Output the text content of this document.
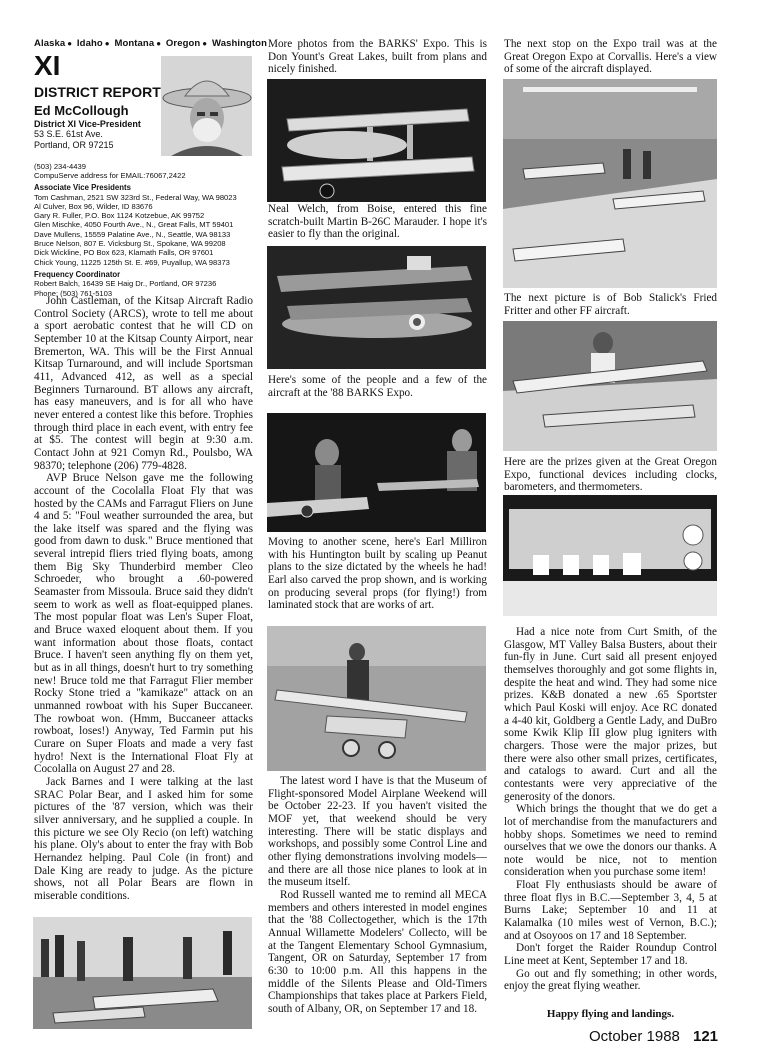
Alaska ● Idaho ● Montana ● Oregon ● Washington
XI
DISTRICT REPORT
Ed McCollough
District XI Vice-President
53 S.E. 61st Ave.
Portland, OR 97215
(503) 234-4439
CompuServe address for EMAIL:76067,2422
Associate Vice Presidents
Tom Cashman, 2521 SW 323rd St., Federal Way, WA 98023
Al Culver, Box 96, Wilder, ID 83676
Gary R. Fuller, P.O. Box 1124 Kotzebue, AK 99752
Glen Mischke, 4050 Fourth Ave., N., Great Falls, MT 59401
Dave Mullens, 15559 Palatine Ave., N., Seattle, WA 98133
Bruce Nelson, 807 E. Vicksburg St., Spokane, WA 99208
Dick Wickline, PO Box 623, Klamath Falls, OR 97601
Chick Young, 11225 125th St. E. #69, Puyallup, WA 98373
Frequency Coordinator
Robert Balch, 16439 SE Haig Dr., Portland, OR 97236
Phone: (503) 761-5103

John Castleman, of the Kitsap Aircraft Radio Control Society (ARCS), wrote to tell me about a sport aerobatic contest that he will CD on September 10 at the Kitsap County Airport, near Bremerton, WA. This will be the First Annual Kitsap Turnaround, and will include Sportsman 411, Advanced 412, as well as a special Beginners Turnaround. BT allows any aircraft, has easy maneuvers, and is for all who have never entered a contest like this before. Trophies through third place in each event, with entry fee at $5. The contest will begin at 9:30 a.m. Contact John at 921 Comyn Rd., Poulsbo, WA 98370; telephone (206) 779-4828.

AVP Bruce Nelson gave me the following account of the Cocolalla Float Fly that was hosted by the CAMs and Farragut Fliers on June 4 and 5: "Foul weather surrounded the area, but the lake itself was spared and the flying was good from dawn to dusk." Bruce mentioned that several intrepid fliers tried flying boats, among them Big Sky Thunderbird member Cleo Schroeder, who brought a .60-powered Seamaster from Missoula. Bruce said they didn't seem to work as well as float-equipped planes. The most popular float was Len's Super Float, and Bruce waxed eloquent about them. If you want information about those floats, contact Bruce. I haven't seen anything fly on them yet, but as in all things, doesn't hurt to try something new! Bruce told me that Farragut Flier member Rocky Stone tried a "kamikaze" attack on an unmanned rowboat with his Super Buccaneer. The rowboat won. (Hmm, Buccaneer attacks rowboat, loses!) Anyway, Ted Farmin put his Curare on Super Floats and made a very fast hydro! Next is the International Float Fly at Cocolalla on August 27 and 28.

Jack Barnes and I were talking at the last SRAC Polar Bear, and I asked him for some pictures of the '87 version, which was their silver anniversary, and he supplied a couple. In this picture we see Oly Recio (on left) watching his plane. Oly's about to enter the fray with Bob Hernandez helping. Paul Cole (in front) and Dale King are ready to judge. As the picture shows, not all Polar Bears are flown in miserable conditions.

More photos from the BARKS' Expo. This is Don Yount's Great Lakes, built from plans and nicely finished.
Neal Welch, from Boise, entered this fine scratch-built Martin B-26C Marauder. I hope it's easier to fly than the original.
Here's some of the people and a few of the aircraft at the '88 BARKS Expo.
Moving to another scene, here's Earl Milliron with his Huntington built by scaling up Peanut plans to the size dictated by the wheels he had! Earl also carved the prop shown, and is working on producing several props (for flying!) from laminated stock that are works of art.

The latest word I have is that the Museum of Flight-sponsored Model Airplane Weekend will be October 22-23. If you haven't visited the MOF yet, that weekend should be very interesting. There will be static displays and workshops, and possibly some Control Line and other flying demonstrations involving models—and there are all those nice planes to look at in the museum itself.

Rod Russell wanted me to remind all MECA members and others interested in model engines that the '88 Collectogether, which is the 17th Annual Willamette Modelers' Collecto, will be at the Tangent Elementary School Gymnasium, Tangent, OR on Saturday, September 17 from 6:30 to 10:00 p.m. All this happens in the middle of the Silents Please and Old-Timers Championships that takes place at Parkers Field, south of Albany, OR, on September 17 and 18.

The next stop on the Expo trail was at the Great Oregon Expo at Corvallis. Here's a view of some of the aircraft displayed.
The next picture is of Bob Stalick's Fried Fritter and other FF aircraft.
Here are the prizes given at the Great Oregon Expo, functional devices including clocks, barometers, and thermometers.

Had a nice note from Curt Smith, of the Glasgow, MT Valley Balsa Busters, about their fun-fly in June. Curt said all present enjoyed themselves thoroughly and got some flights in, despite the heat and wind. They had some nice prizes. K&B donated a new .65 Sportster which Paul Koski will enjoy. Ace RC donated a 4-40 kit, Goldberg a Gentle Lady, and DuBro some Kwik Klip III glow plug igniters with chargers. Those were the major prizes, but there were also other small prizes, certificates, and catalogs to award. Curt and all the contestants were very appreciative of the generosity of the donors.

Which brings the thought that we do get a lot of merchandise from the manufacturers and hobby shops. Sometimes we need to remind ourselves that we owe the donors our thanks. A note would be nice, not to mention consideration when you purchase some item!

Float Fly enthusiasts should be aware of three float flys in B.C.—September 3, 4, 5 at Burns Lake; September 10 and 11 at Kalamalka (10 miles west of Vernon, B.C.); and at Osoyoos on 17 and 18 September.

Don't forget the Raider Roundup Control Line meet at Kent, September 17 and 18.

Go out and fly something; in other words, enjoy the great flying weather.

Happy flying and landings.
October 1988 121
